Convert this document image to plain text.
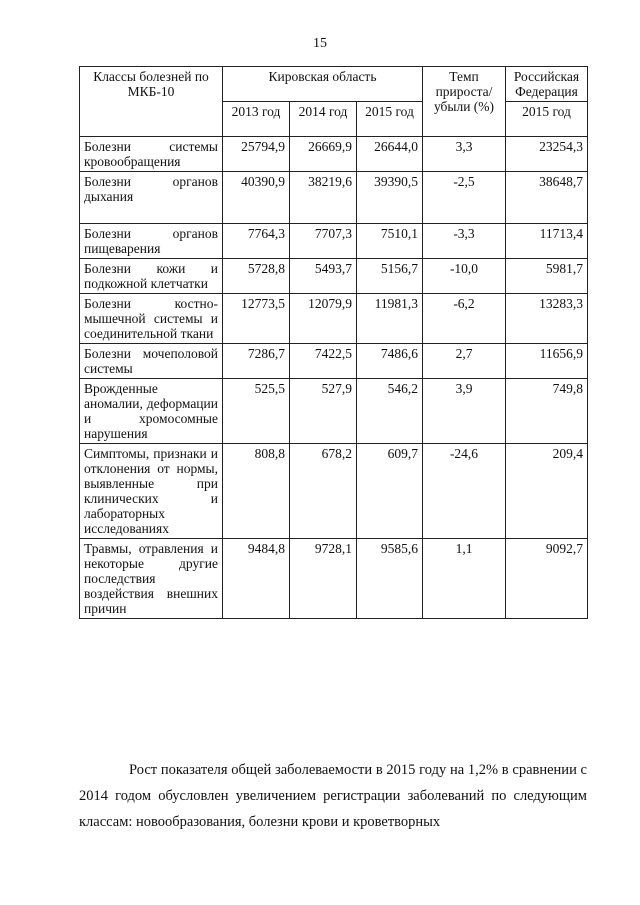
15
Классы болезней по МКБ-10	Кировская область			Темп прироста/ убыли (%)	Российская Федерация
	2013 год	2014 год	2015 год		2015 год
Болезни системы кровообращения	25794,9	26669,9	26644,0	3,3	23254,3
Болезни органов дыхания	40390,9	38219,6	39390,5	-2,5	38648,7
Болезни органов пищеварения	7764,3	7707,3	7510,1	-3,3	11713,4
Болезни кожи и подкожной клетчатки	5728,8	5493,7	5156,7	-10,0	5981,7
Болезни костно-мышечной системы и соединительной ткани	12773,5	12079,9	11981,3	-6,2	13283,3
Болезни мочеполовой системы	7286,7	7422,5	7486,6	2,7	11656,9
Врожденные аномалии, деформации и хромосомные нарушения	525,5	527,9	546,2	3,9	749,8
Симптомы, признаки и отклонения от нормы, выявленные при клинических и лабораторных исследованиях	808,8	678,2	609,7	-24,6	209,4
Травмы, отравления и некоторые другие последствия воздействия внешних причин	9484,8	9728,1	9585,6	1,1	9092,7

Рост показателя общей заболеваемости в 2015 году на 1,2% в сравнении с 2014 годом обусловлен увеличением регистрации заболеваний по следующим классам: новообразования, болезни крови и кроветворных
